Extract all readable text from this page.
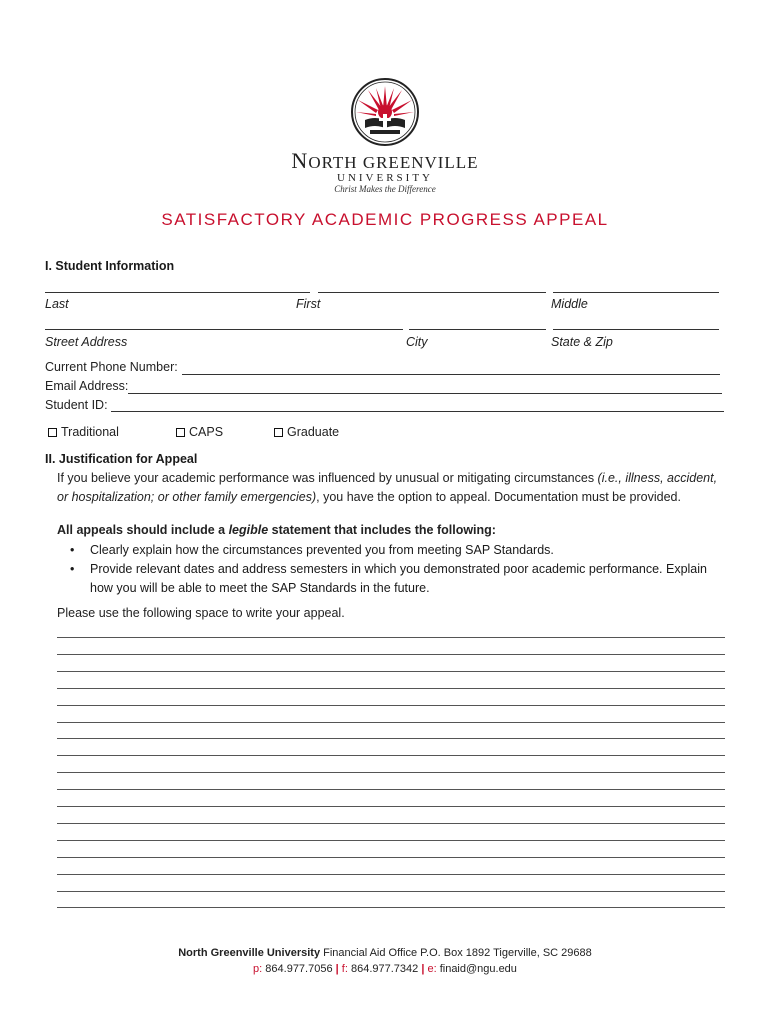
NORTH GREENVILLE
UNIVERSITY
Christ Makes the Difference
SATISFACTORY ACADEMIC PROGRESS APPEAL
I. Student Information
Last	First	Middle
Street Address	City	State & Zip
Current Phone Number:
Email Address:
Student ID:
Traditional	CAPS	Graduate
II. Justification for Appeal
If you believe your academic performance was influenced by unusual or mitigating circumstances (i.e., illness, accident, or hospitalization; or other family emergencies), you have the option to appeal. Documentation must be provided.
All appeals should include a legible statement that includes the following:
• Clearly explain how the circumstances prevented you from meeting SAP Standards.
• Provide relevant dates and address semesters in which you demonstrated poor academic performance. Explain how you will be able to meet the SAP Standards in the future.
Please use the following space to write your appeal.
North Greenville University Financial Aid Office P.O. Box 1892 Tigerville, SC 29688
p: 864.977.7056 | f: 864.977.7342 | e: finaid@ngu.edu
